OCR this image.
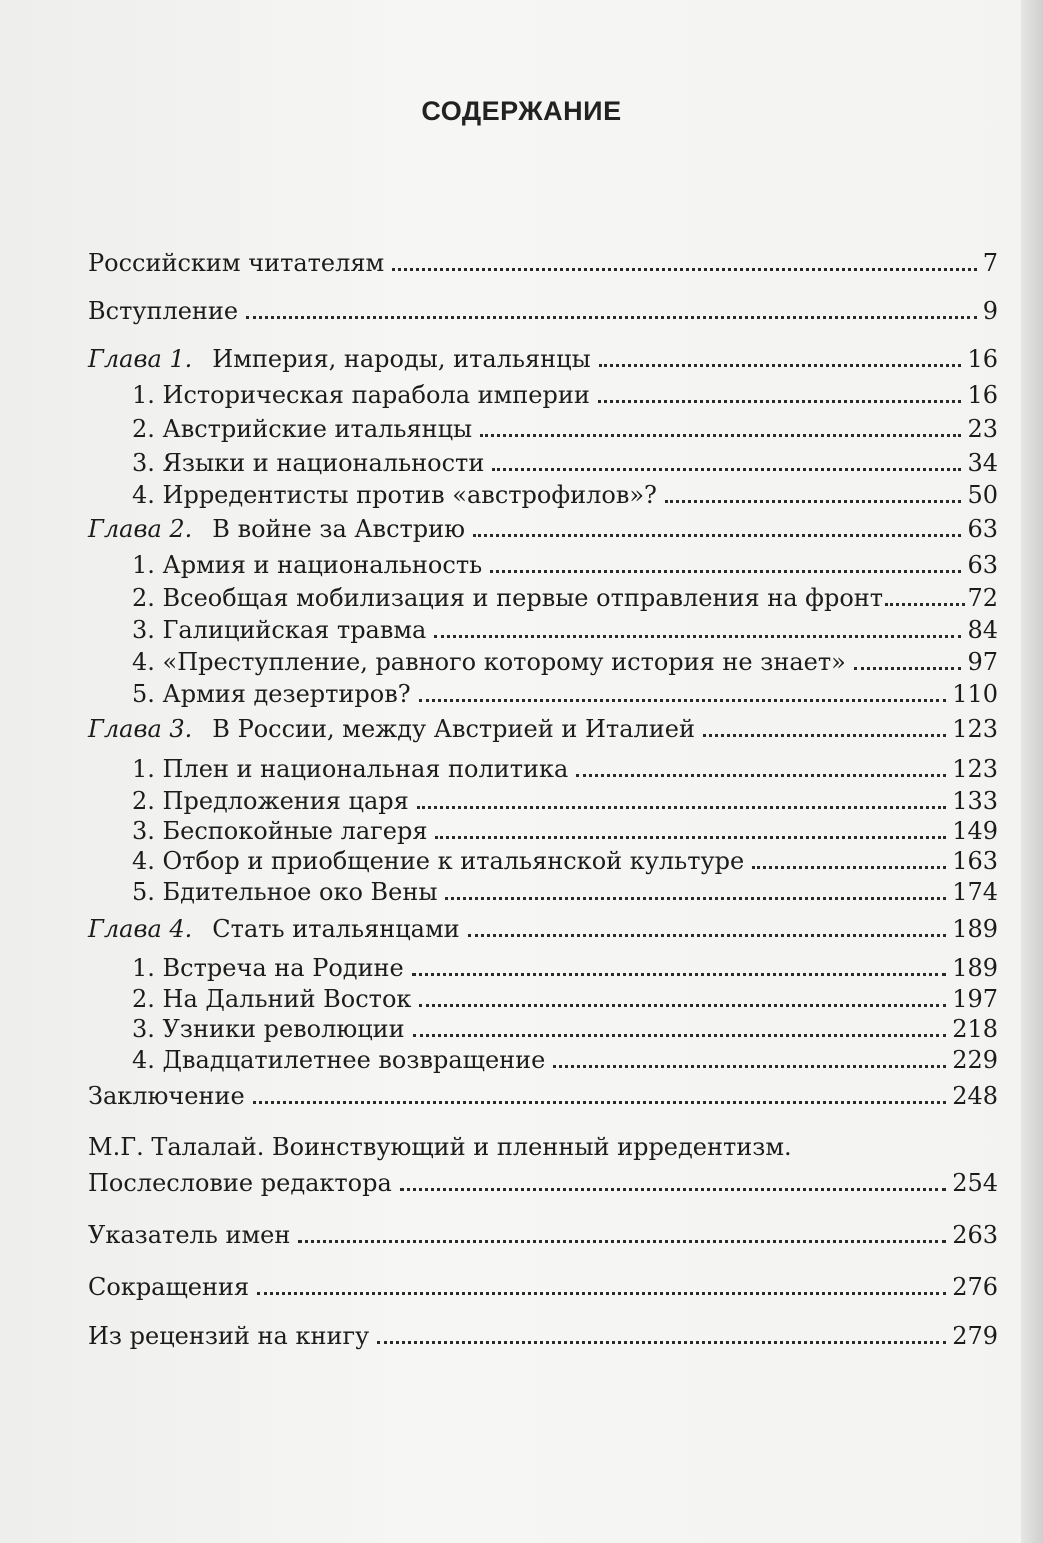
СОДЕРЖАНИЕ
Российским читателям	7
Вступление	9
Глава 1. Империя, народы, итальянцы	16
1. Историческая парабола империи	16
2. Австрийские итальянцы	23
3. Языки и национальности	34
4. Ирредентисты против «австрофилов»?	50
Глава 2. В войне за Австрию	63
1. Армия и национальность	63
2. Всеобщая мобилизация и первые отправления на фронт	72
3. Галицийская травма	84
4. «Преступление, равного которому история не знает»	97
5. Армия дезертиров?	110
Глава 3. В России, между Австрией и Италией	123
1. Плен и национальная политика	123
2. Предложения царя	133
3. Беспокойные лагеря	149
4. Отбор и приобщение к итальянской культуре	163
5. Бдительное око Вены	174
Глава 4. Стать итальянцами	189
1. Встреча на Родине	189
2. На Дальний Восток	197
3. Узники революции	218
4. Двадцатилетнее возвращение	229
Заключение	248
М.Г. Талалай. Воинствующий и пленный ирредентизм.
Послесловие редактора	254
Указатель имен	263
Сокращения	276
Из рецензий на книгу	279
